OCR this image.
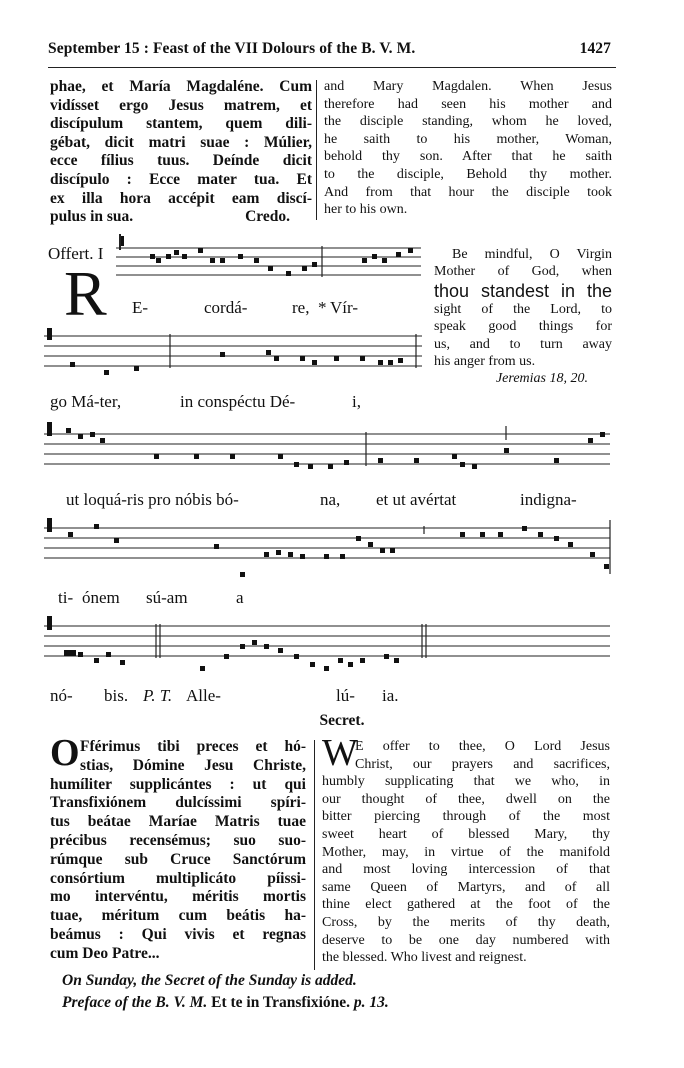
September 15 : Feast of the VII Dolours of the B. V. M.	1427
phae, et María Magdaléne. Cum
vidísset ergo Jesus matrem, et
discípulum stantem, quem dili-
gébat, dicit matri suae : Múlier,
ecce fílius tuus. Deínde dicit
discípulo : Ecce mater tua. Et
ex illa hora accépit eam discí-
pulus in sua.	Credo.
and Mary Magdalen. When Jesus
therefore had seen his mother and
the disciple standing, whom he loved,
he saith to his mother, Woman,
behold thy son. After that he saith
to the disciple, Behold thy mother.
And from that hour the disciple took
her to his own.
Offert. I
R E-	cordá-	re, * Vír-
Be mindful, O Virgin
Mother of God, when
thou standest in the
sight of the Lord, to
speak good things for
us, and to turn away
his anger from us.
Jeremias 18, 20.
go Má-ter,	in conspéctu Dé-	i,
ut loquá-ris pro nóbis bó-	na, et ut avértat	indigna-
ti- ónem sú-am	a
nó- bis. P. T. Alle-	lú- ia.
Secret.
O Fférimus tibi preces et hó-
stias, Dómine Jesu Christe,
humíliter supplicántes : ut qui
Transfixiónem dulcíssimi spíri-
tus beátae Maríae Matris tuae
précibus recensémus; suo suo-
rúmque sub Cruce Sanctórum
consórtium multiplicáto píissi-
mo intervéntu, méritis mortis
tuae, méritum cum beátis ha-
beámus : Qui vivis et regnas
cum Deo Patre...
W
E offer to thee, O Lord Jesus
Christ, our prayers and sacrifices,
humbly supplicating that we who, in
our thought of thee, dwell on the
bitter piercing through of the most
sweet heart of blessed Mary, thy
Mother, may, in virtue of the manifold
and most loving intercession of that
same Queen of Martyrs, and of all
thine elect gathered at the foot of the
Cross, by the merits of thy death,
deserve to be one day numbered with
the blessed. Who livest and reignest.
On Sunday, the Secret of the Sunday is added.
Preface of the B. V. M. Et te in Transfixióne. p. 13.
